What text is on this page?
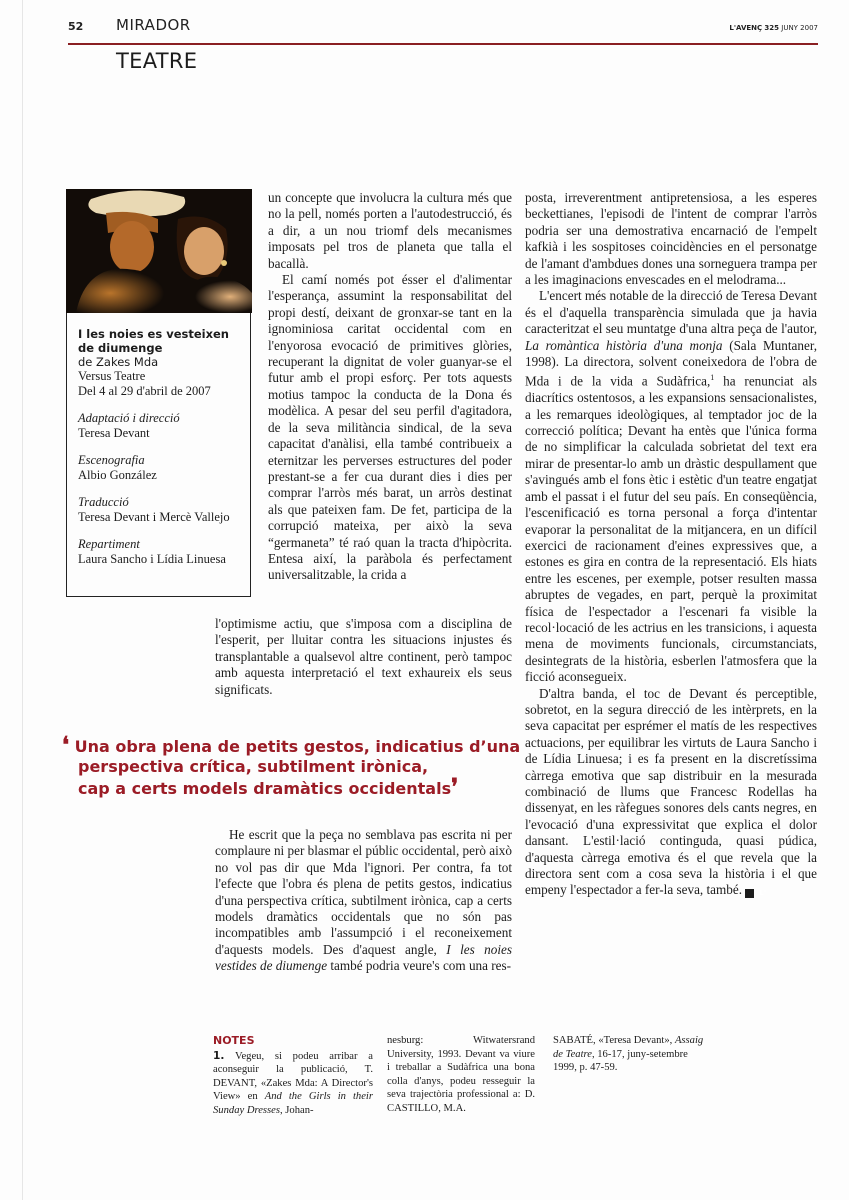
52 MIRADOR	L'AVENÇ 325 JUNY 2007
TEATRE
I les noies es vesteixen de diumenge
de Zakes Mda
Versus Teatre
Del 4 al 29 d'abril de 2007
Adaptació i direcció
Teresa Devant
Escenografia
Albio González
Traducció
Teresa Devant i Mercè Vallejo
Repartiment
Laura Sancho i Lídia Linuesa

un concepte que involucra la cultura més que no la pell, només porten a l'autodestrucció, és a dir, a un nou triomf dels mecanismes imposats pel tros de planeta que talla el bacallà.

El camí només pot ésser el d'alimentar l'esperança, assumint la responsabilitat del propi destí, deixant de gronxar-se tant en la ignominiosa caritat occidental com en l'enyorosa evocació de primitives glòries, recuperant la dignitat de voler guanyar-se el futur amb el propi esforç. Per tots aquests motius tampoc la conducta de la Dona és modèlica. A pesar del seu perfil d'agitadora, de la seva militància sindical, de la seva capacitat d'anàlisi, ella també contribueix a eternitzar les perverses estructures del poder prestant-se a fer cua durant dies i dies per comprar l'arròs més barat, un arròs destinat als que pateixen fam. De fet, participa de la corrupció mateixa, per això la seva “germaneta” té raó quan la tracta d'hipòcrita. Entesa així, la paràbola és perfectament universalitzable, la crida a

l'optimisme actiu, que s'imposa com a disciplina de l'esperit, per lluitar contra les situacions injustes és transplantable a qualsevol altre continent, però tampoc amb aquesta interpretació el text exhaureix els seus significats.

❛ Una obra plena de petits gestos, indicatius d’una
perspectiva crítica, subtilment irònica,
cap a certs models dramàtics occidentals❜

He escrit que la peça no semblava pas escrita ni per complaure ni per blasmar el públic occidental, però això no vol pas dir que Mda l'ignori. Per contra, fa tot l'efecte que l'obra és plena de petits gestos, indicatius d'una perspectiva crítica, subtilment irònica, cap a certs models dramàtics occidentals que no són pas incompatibles amb l'assumpció i el reconeixement d'aquests models. Des d'aquest angle, I les noies vestides de diumenge també podria veure's com una res-

posta, irreverentment antipretensiosa, a les esperes beckettianes, l'episodi de l'intent de comprar l'arròs podria ser una demostrativa encarnació de l'empelt kafkià i les sospitoses coincidències en el personatge de l'amant d'ambdues dones una sorneguera trampa per a les imaginacions envescades en el melodrama...

L'encert més notable de la direcció de Teresa Devant és el d'aquella transparència simulada que ja havia caracteritzat el seu muntatge d'una altra peça de l'autor, La romàntica història d'una monja (Sala Muntaner, 1998). La directora, solvent coneixedora de l'obra de Mda i de la vida a Sudàfrica,$^1$ ha renunciat als diacrítics ostentosos, a les expansions sensacionalistes, a les remarques ideològiques, al temptador joc de la correcció política; Devant ha entès que l'única forma de no simplificar la calculada sobrietat del text era mirar de presentar-lo amb un dràstic despullament que s'avingués amb el fons ètic i estètic d'un teatre engatjat amb el passat i el futur del seu país. En conseqüència, l'escenificació es torna personal a força d'intentar evaporar la personalitat de la mitjancera, en un difícil exercici de racionament d'eines expressives que, a estones es gira en contra de la representació. Els hiats entre les escenes, per exemple, potser resulten massa abruptes de vegades, en part, perquè la proximitat física de l'espectador a l'escenari fa visible la recol·locació de les actrius en les transicions, i aquesta mena de moviments funcionals, circumstanciats, desintegrats de la història, esberlen l'atmosfera que la ficció aconsegueix.

D'altra banda, el toc de Devant és perceptible, sobretot, en la segura direcció de les intèrprets, en la seva capacitat per esprémer el matís de les respectives actuacions, per equilibrar les virtuts de Laura Sancho i de Lídia Linuesa; i es fa present en la discretíssima càrrega emotiva que sap distribuir en la mesurada combinació de llums que Francesc Rodellas ha dissenyat, en les ràfegues sonores dels cants negres, en l'evocació d'una expressivitat que explica el dolor dansant. L'estil·lació continguda, quasi púdica, d'aquesta càrrega emotiva és el que revela que la directora sent com a cosa seva la història i el que empeny l'espectador a fer-la seva, també. L'

NOTES
1. Vegeu, si podeu arribar a aconseguir la publicació, T. DEVANT, «Zakes Mda: A Director's View» en And the Girls in their Sunday Dresses, Johan-
nesburg: Witwatersrand University, 1993. Devant va viure i treballar a Sudàfrica una bona colla d'anys, podeu resseguir la seva trajectòria professional a: D. CASTILLO, M.A.
SABATÉ, «Teresa Devant», Assaig de Teatre, 16-17, juny-setembre 1999, p. 47-59.
